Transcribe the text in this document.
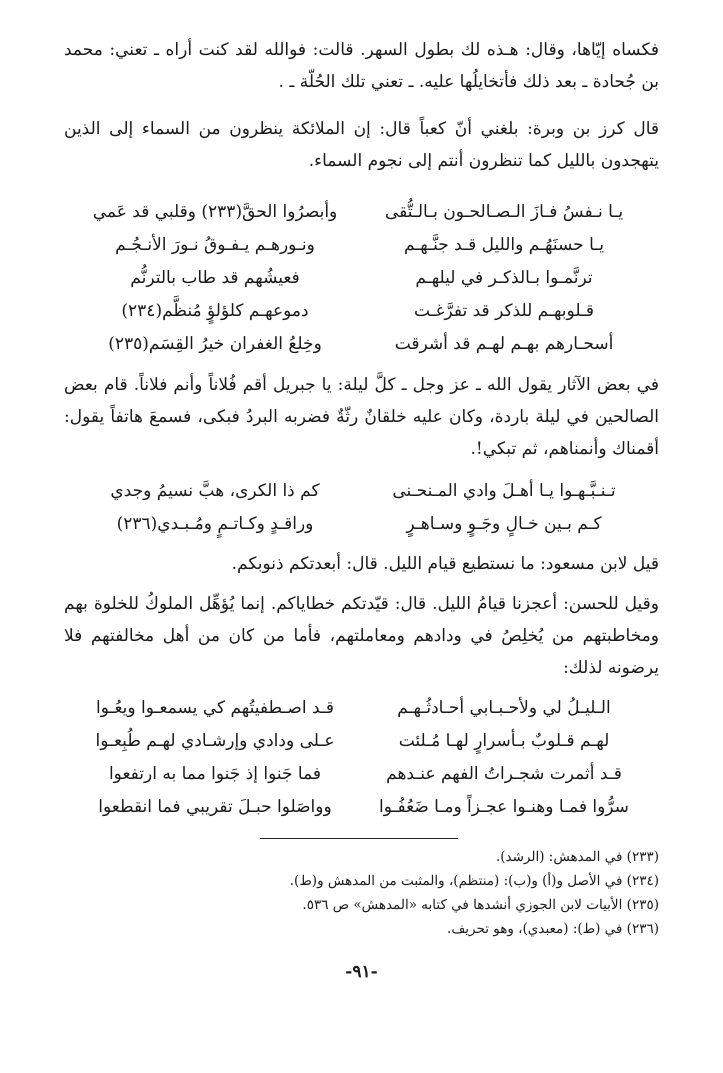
فكساه إيّاها، وقال: هـذه لك بطول السهر. قالت: فوالله لقد كنت أراه ـ تعني: محمد بن جُحادة ـ بعد ذلك فأتخايلُها عليه. ـ تعني تلك الحُلّة ـ .

قال كرز بن وبرة: بلغني أنّ كعباً قال: إن الملائكة ينظرون من السماء إلى الذين يتهجدون بالليل كما تنظرون أنتم إلى نجوم السماء.

يـا نـفسُ فـازَ الـصـالحـون بـالـتُّقى
وأبصرُوا الحقَّ(٢٣٣) وقلبي قد عَمي
يـا حسنَهُـم والليل قـد جنَّـهـم
ونـورهـم يـفـوقُ نـورَ الأنـجُـم
ترنَّمـوا بـالذكـر في ليلهـم
فعيشُهم قد طاب بالترنُّم
قـلوبهـم للذكر قد تفرَّغـت
دموعهـم كلؤلؤٍ مُنظَّم(٢٣٤)
أسحـارهم بهـم لهـم قد أشرقت
وخِلعُ الغفران خيرُ القِسَم(٢٣٥)

في بعض الآثار يقول الله ـ عز وجل ـ كلَّ ليلة: يا جبريل أقم فُلاناً وأنم فلاناً. قام بعض الصالحين في ليلة باردة، وكان عليه خلقانٌ رثّةٌ فضربه البردُ فبكى، فسمعَ هاتفاً يقول: أقمناك وأنمناهم، ثم تبكي!.

تـنـبَّـهـوا يـا أهـلَ وادي المـنحـنى
كم ذا الكرى، هبَّ نسيمُ وجدي
كـم بـين خـالٍ وجَـوٍ وسـاهـرٍ
وراقـدٍ وكـاتـمٍ ومُـبـدي(٢٣٦)

قيل لابن مسعود: ما نستطيع قيام الليل. قال: أبعدتكم ذنوبكم.

وقيل للحسن: أعجزنا قيامُ الليل. قال: قيّدتكم خطاياكم. إنما يُؤهِّل الملوكُ للخلوة بهم ومخاطبتهم من يُخلِصُ في ودادهم ومعاملتهم، فأما من كان من أهل مخالفتهم فلا يرضونه لذلك:

الـليـلُ لي ولأحـبـابي أحـادثُـهـم
قـد اصـطفيتُهم كي يسمعـوا ويعُـوا
لهـم قـلوبٌ بـأسرارٍ لهـا مُـلئت
عـلى ودادي وإرشـادي لهـم طُبِعـوا
قـد أثمرت شجـراتُ الفهم عنـدهم
فما جَنوا إذ جَنوا مما به ارتفعوا
سرُّوا فمـا وهنـوا عجـزاً ومـا ضَعُفُـوا
وواصَلوا حبـلَ تقريبي فما انقطعوا
(٢٣٣) في المدهش: (الرشد).
(٢٣٤) في الأصل و(أ) و(ب): (منتظم)، والمثبت من المدهش و(ط).
(٢٣٥) الأبيات لابن الجوزي أنشدها في كتابه «المدهش» ص ٥٣٦.
(٢٣٦) في (ط): (معبدي)، وهو تحريف.
-٩١-
